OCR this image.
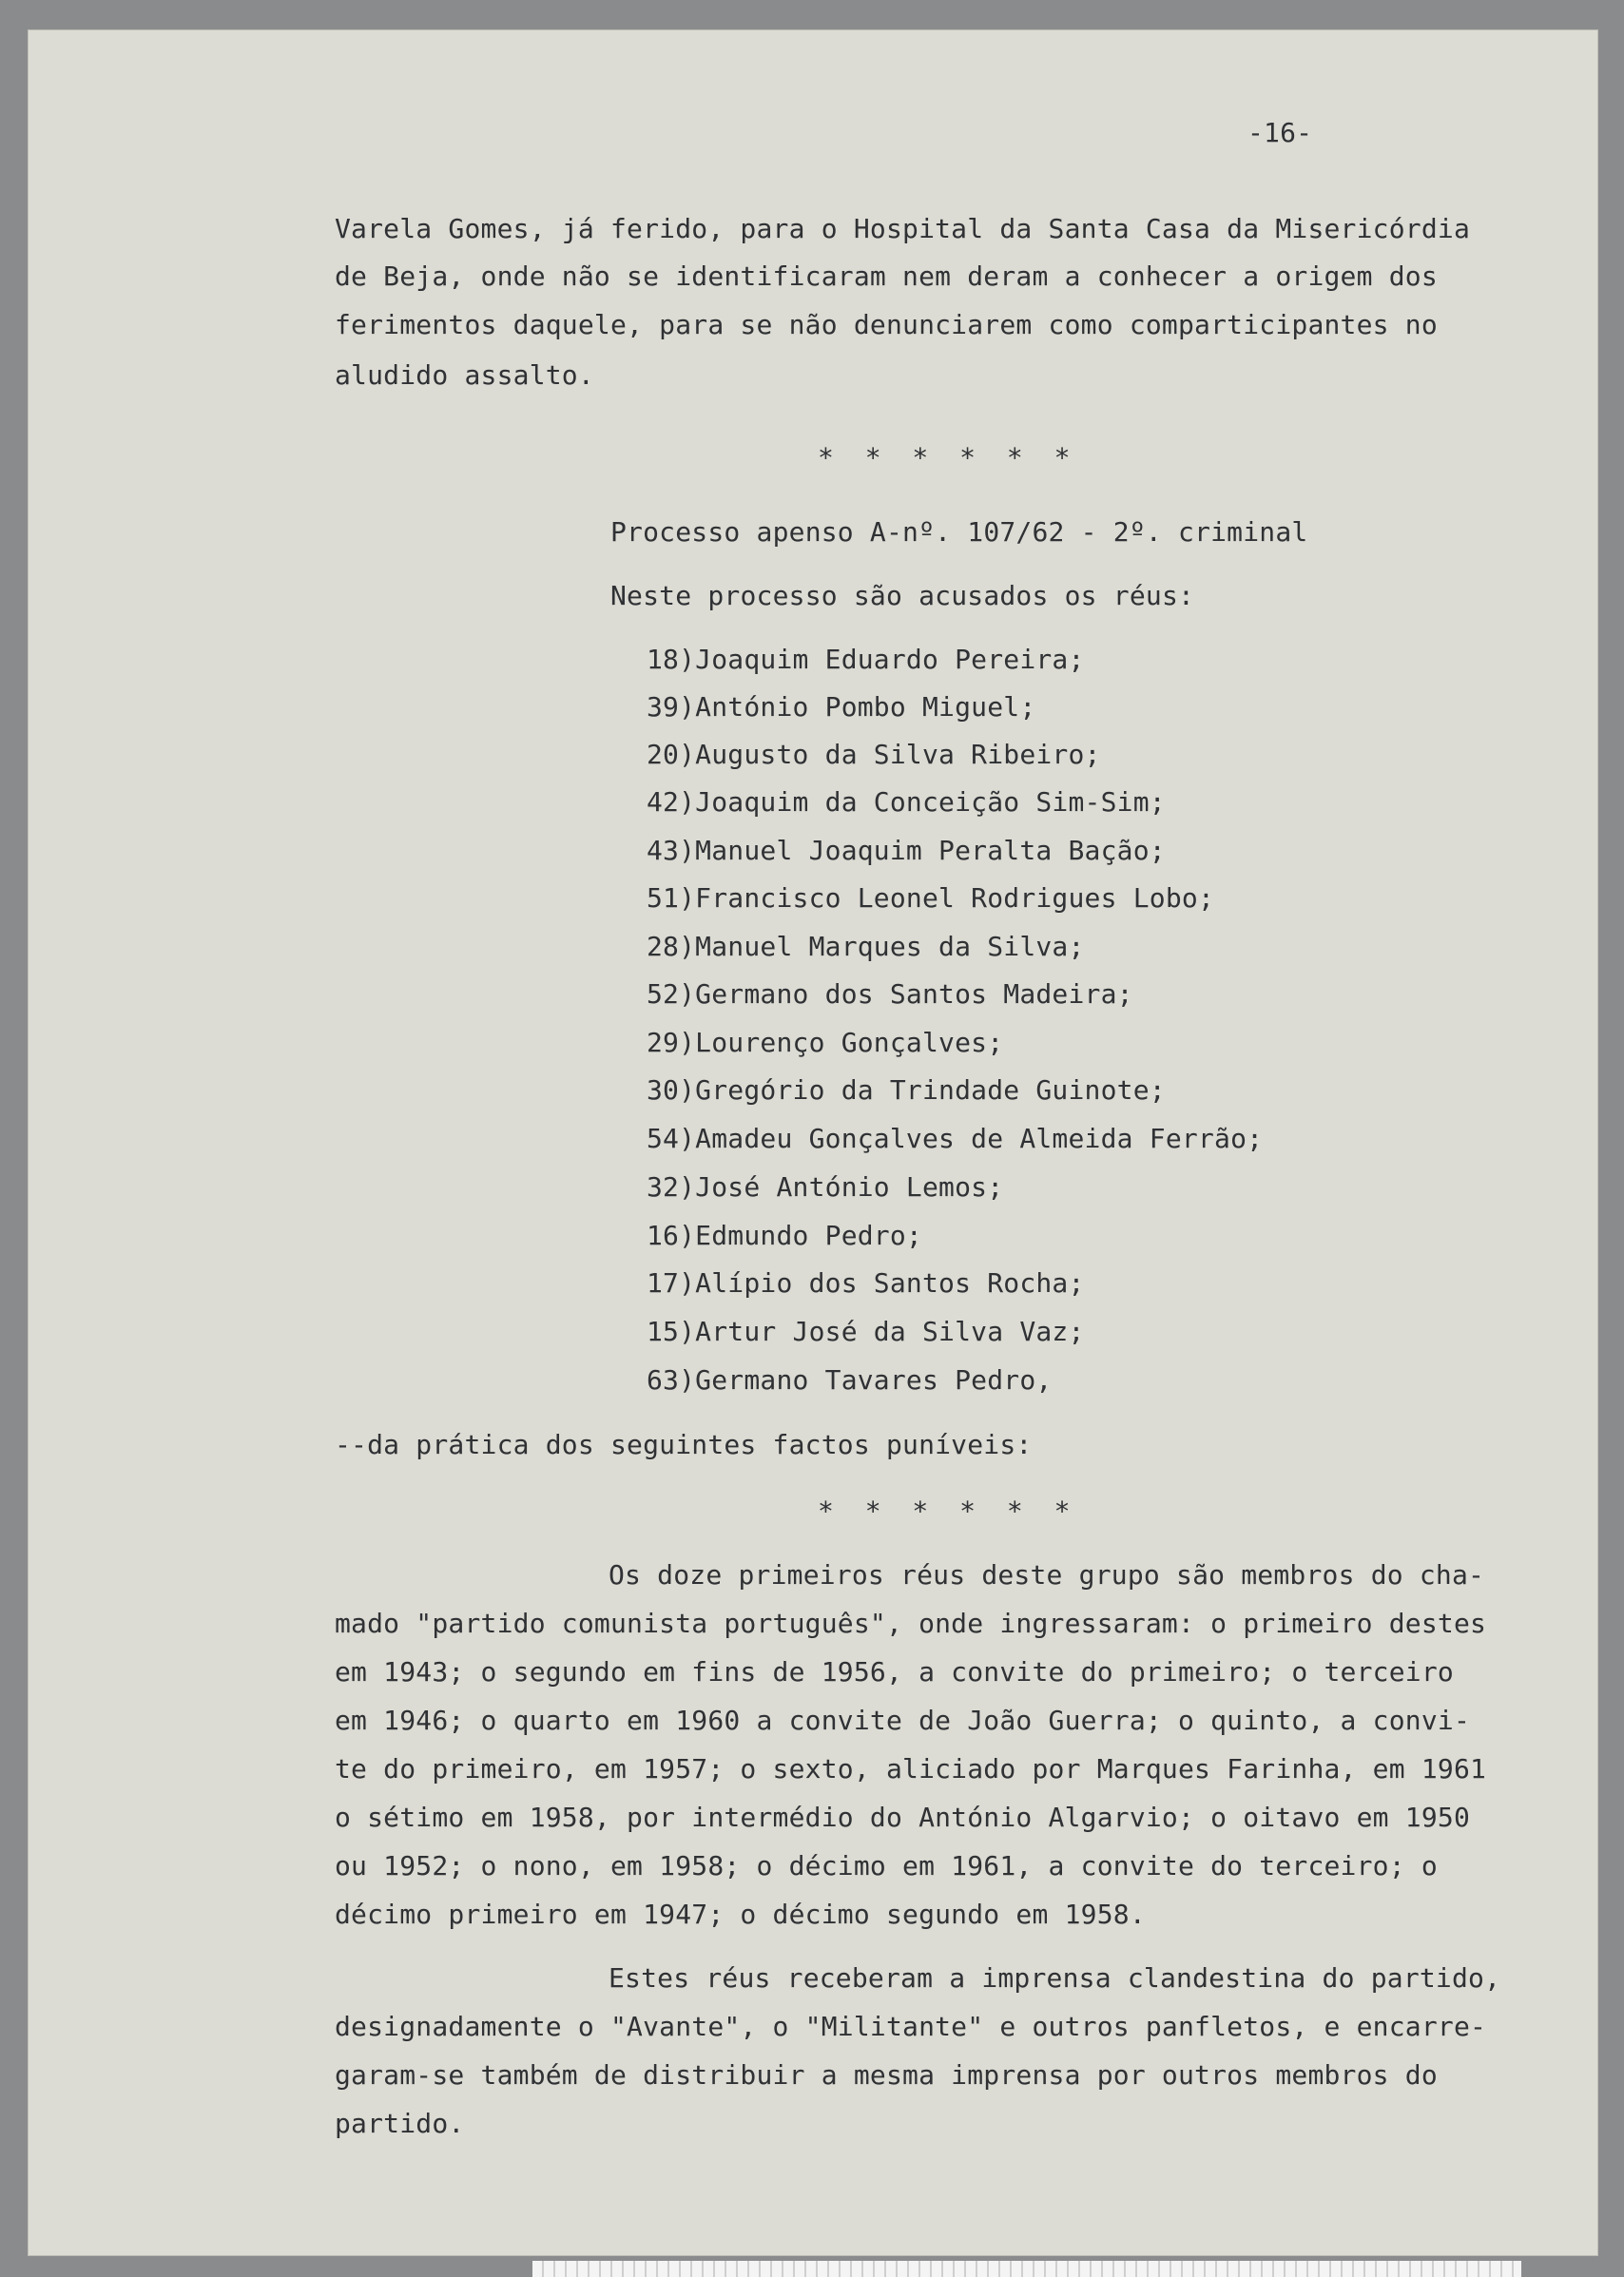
-16-

Varela Gomes, já ferido, para o Hospital da Santa Casa da Misericórdia

de Beja, onde não se identificaram nem deram a conhecer a origem dos

ferimentos daquele, para se não denunciarem como comparticipantes no

aludido assalto.

* * * * * *

Processo apenso A-nº. 107/62 - 2º. criminal

Neste processo são acusados os réus:

18)Joaquim Eduardo Pereira;

39)António Pombo Miguel;

20)Augusto da Silva Ribeiro;

42)Joaquim da Conceição Sim-Sim;

43)Manuel Joaquim Peralta Bação;

51)Francisco Leonel Rodrigues Lobo;

28)Manuel Marques da Silva;

52)Germano dos Santos Madeira;

29)Lourenço Gonçalves;

30)Gregório da Trindade Guinote;

54)Amadeu Gonçalves de Almeida Ferrão;

32)José António Lemos;

16)Edmundo Pedro;

17)Alípio dos Santos Rocha;

15)Artur José da Silva Vaz;

63)Germano Tavares Pedro,

--da prática dos seguintes factos puníveis:

* * * * * *

Os doze primeiros réus deste grupo são membros do cha-

mado "partido comunista português", onde ingressaram: o primeiro destes

em 1943; o segundo em fins de 1956, a convite do primeiro; o terceiro

em 1946; o quarto em 1960 a convite de João Guerra; o quinto, a convi-

te do primeiro, em 1957; o sexto, aliciado por Marques Farinha, em 1961

o sétimo em 1958, por intermédio do António Algarvio; o oitavo em 1950

ou 1952; o nono, em 1958; o décimo em 1961, a convite do terceiro; o

décimo primeiro em 1947; o décimo segundo em 1958.

Estes réus receberam a imprensa clandestina do partido,

designadamente o "Avante", o "Militante" e outros panfletos, e encarre-

garam-se também de distribuir a mesma imprensa por outros membros do

partido.
